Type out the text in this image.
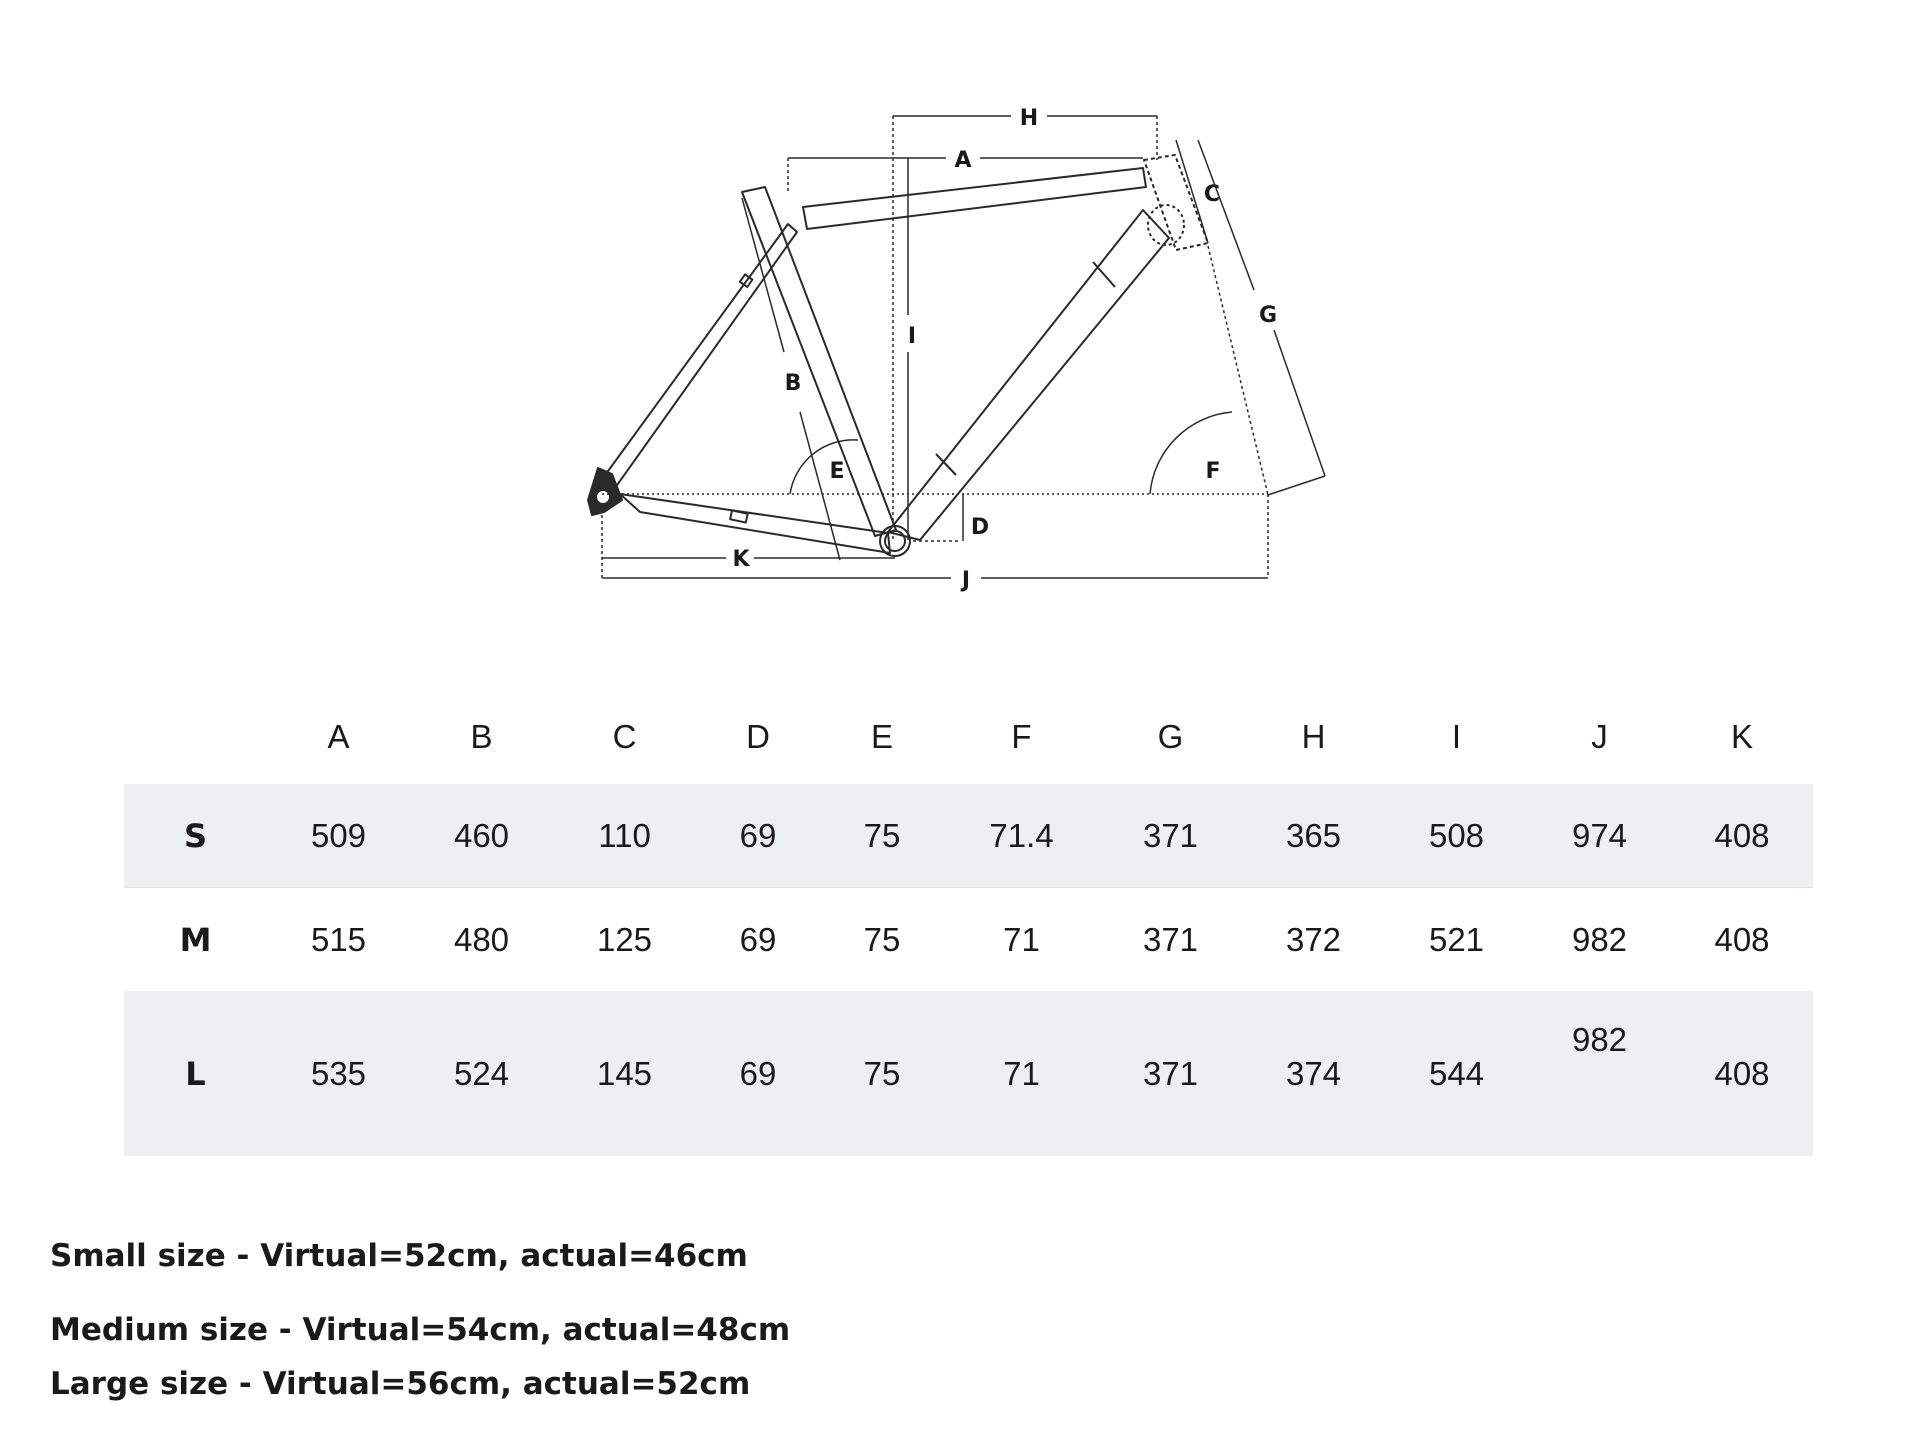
H
A
C
I
G
B
E	F
D
K
J
	A	B	C	D	E	F	G	H	I	J	K
S	509	460	110	69	75	71.4	371	365	508	974	408
M	515	480	125	69	75	71	371	372	521	982	408
L	535	524	145	69	75	71	371	374	544	982	408

Small size - Virtual=52cm, actual=46cm

Medium size - Virtual=54cm, actual=48cm

Large size - Virtual=56cm, actual=52cm
